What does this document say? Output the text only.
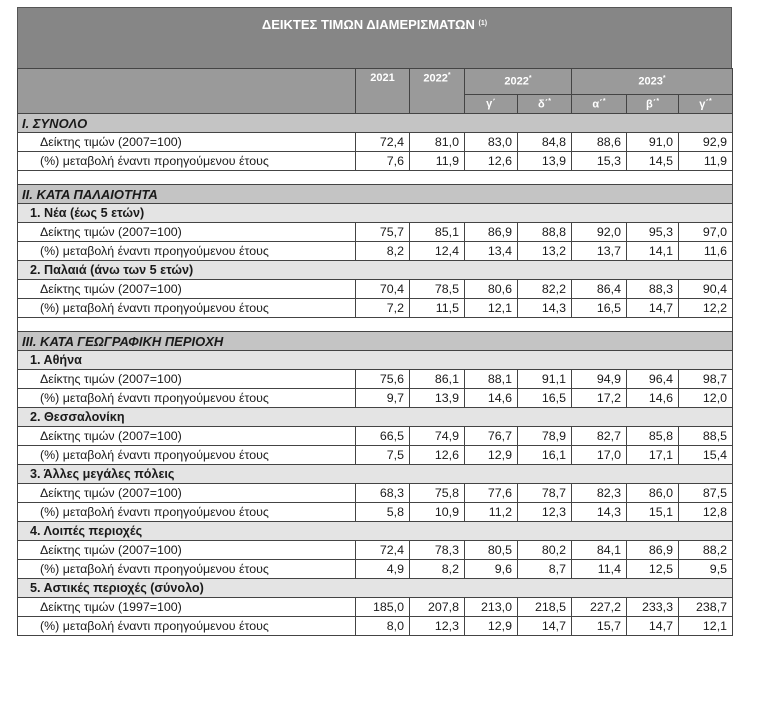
ΔΕΙΚΤΕΣ ΤΙΜΩΝ ΔΙΑΜΕΡΙΣΜΑΤΩΝ $^{(1)}$
	2021	2022*	2022*		2023*
			γ΄	δ΄*	α΄*	β΄*	γ΄*
I. ΣΥΝΟΛΟ							
Δείκτης τιμών (2007=100)	72,4	81,0	83,0	84,8	88,6	91,0	92,9
(%) μεταβολή έναντι προηγούμενου έτους	7,6	11,9	12,6	13,9	15,3	14,5	11,9

II. ΚΑΤΑ ΠΑΛΑΙΟΤΗΤΑ							
1. Νέα (έως 5 ετών)							
Δείκτης τιμών (2007=100)	75,7	85,1	86,9	88,8	92,0	95,3	97,0
(%) μεταβολή έναντι προηγούμενου έτους	8,2	12,4	13,4	13,2	13,7	14,1	11,6
2. Παλαιά (άνω των 5 ετών)							
Δείκτης τιμών (2007=100)	70,4	78,5	80,6	82,2	86,4	88,3	90,4
(%) μεταβολή έναντι προηγούμενου έτους	7,2	11,5	12,1	14,3	16,5	14,7	12,2

III. ΚΑΤΑ ΓΕΩΓΡΑΦΙΚΗ ΠΕΡΙΟΧΗ							
1. Αθήνα							
Δείκτης τιμών (2007=100)	75,6	86,1	88,1	91,1	94,9	96,4	98,7
(%) μεταβολή έναντι προηγούμενου έτους	9,7	13,9	14,6	16,5	17,2	14,6	12,0
2. Θεσσαλονίκη							
Δείκτης τιμών (2007=100)	66,5	74,9	76,7	78,9	82,7	85,8	88,5
(%) μεταβολή έναντι προηγούμενου έτους	7,5	12,6	12,9	16,1	17,0	17,1	15,4
3. Άλλες μεγάλες πόλεις							
Δείκτης τιμών (2007=100)	68,3	75,8	77,6	78,7	82,3	86,0	87,5
(%) μεταβολή έναντι προηγούμενου έτους	5,8	10,9	11,2	12,3	14,3	15,1	12,8
4. Λοιπές περιοχές							
Δείκτης τιμών (2007=100)	72,4	78,3	80,5	80,2	84,1	86,9	88,2
(%) μεταβολή έναντι προηγούμενου έτους	4,9	8,2	9,6	8,7	11,4	12,5	9,5
5. Αστικές περιοχές (σύνολο)							
Δείκτης τιμών (1997=100)	185,0	207,8	213,0	218,5	227,2	233,3	238,7
(%) μεταβολή έναντι προηγούμενου έτους	8,0	12,3	12,9	14,7	15,7	14,7	12,1
